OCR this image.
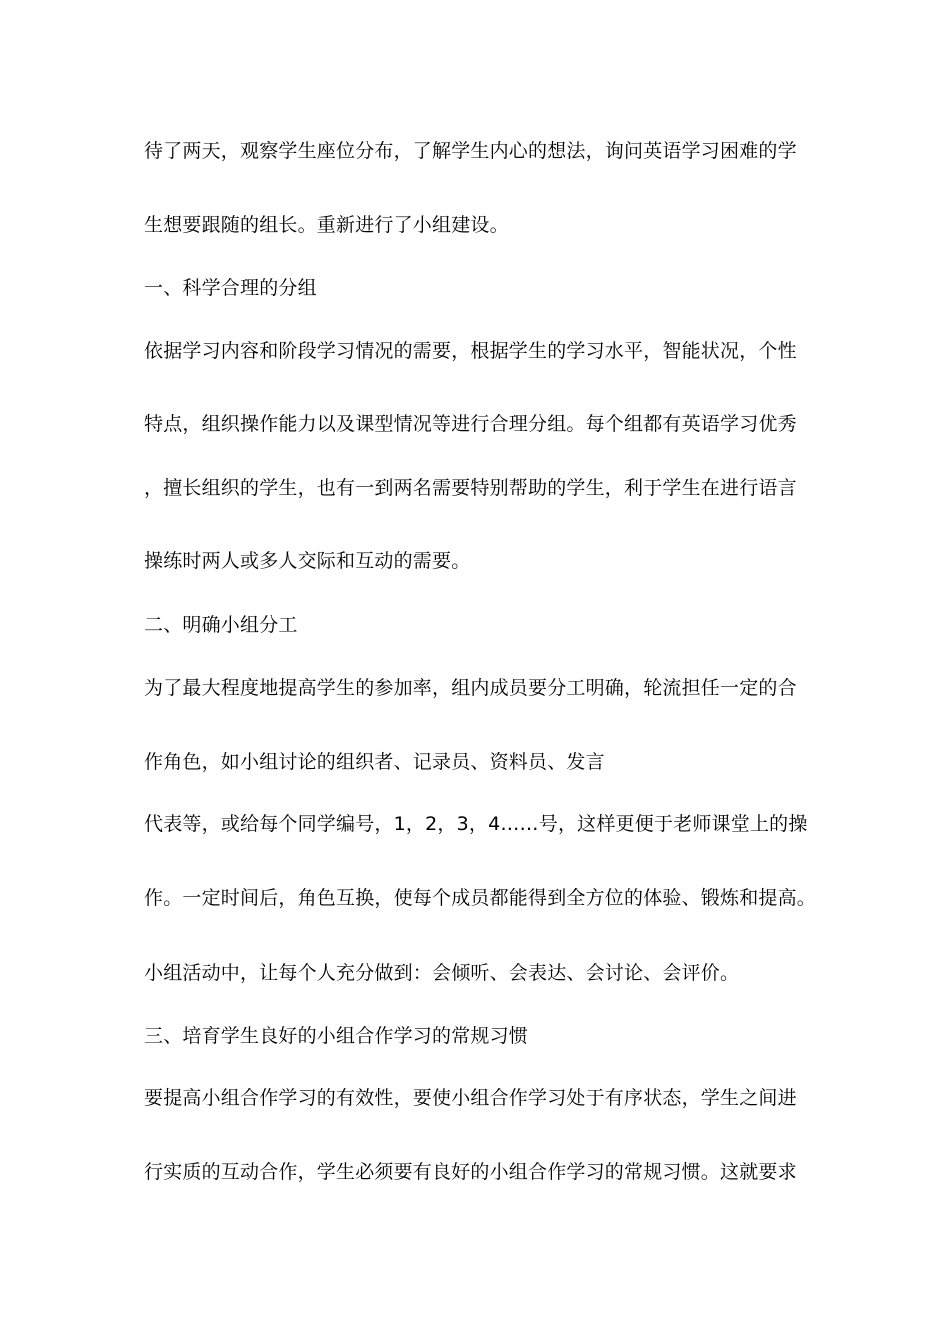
待了两天，观察学生座位分布，了解学生内心的想法，询问英语学习困难的学

生想要跟随的组长。重新进行了小组建设。

一、科学合理的分组

依据学习内容和阶段学习情况的需要，根据学生的学习水平，智能状况，个性

特点，组织操作能力以及课型情况等进行合理分组。每个组都有英语学习优秀

，擅长组织的学生，也有一到两名需要特别帮助的学生，利于学生在进行语言

操练时两人或多人交际和互动的需要。

二、明确小组分工

为了最大程度地提高学生的参加率，组内成员要分工明确，轮流担任一定的合

作角色，如小组讨论的组织者、记录员、资料员、发言

代表等，或给每个同学编号，1，2，3，4……号，这样更便于老师课堂上的操

作。一定时间后，角色互换，使每个成员都能得到全方位的体验、锻炼和提高。

小组活动中，让每个人充分做到：会倾听、会表达、会讨论、会评价。

三、培育学生良好的小组合作学习的常规习惯

要提高小组合作学习的有效性，要使小组合作学习处于有序状态，学生之间进

行实质的互动合作，学生必须要有良好的小组合作学习的常规习惯。这就要求
